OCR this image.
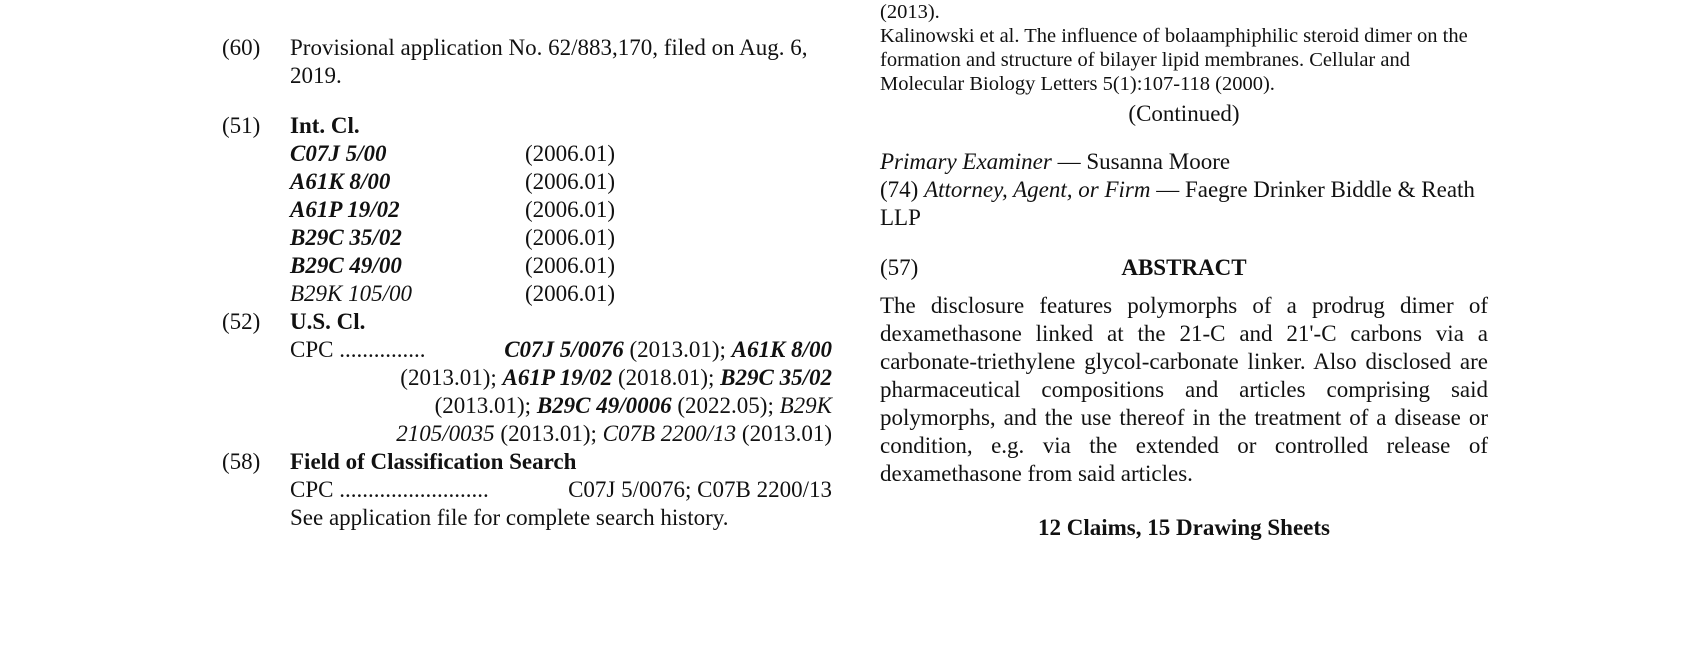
(60) Provisional application No. 62/883,170, filed on Aug. 6, 2019.
(51) Int. Cl.
C07J 5/00	(2006.01)
A61K 8/00	(2006.01)
A61P 19/02	(2006.01)
B29C 35/02	(2006.01)
B29C 49/00	(2006.01)
B29K 105/00	(2006.01)
(52) U.S. Cl.
CPC ...............	C07J 5/0076 (2013.01); A61K 8/00
(2013.01); A61P 19/02 (2018.01); B29C 35/02
(2013.01); B29C 49/0006 (2022.05); B29K
2105/0035 (2013.01); C07B 2200/13 (2013.01)
(58) Field of Classification Search
CPC ..........................	C07J 5/0076; C07B 2200/13
See application file for complete search history.
(2013).
Kalinowski et al. The influence of bolaamphiphilic steroid dimer on the formation and structure of bilayer lipid membranes. Cellular and Molecular Biology Letters 5(1):107-118 (2000).
(Continued)
Primary Examiner — Susanna Moore
(74) Attorney, Agent, or Firm — Faegre Drinker Biddle & Reath LLP
(57)	ABSTRACT
The disclosure features polymorphs of a prodrug dimer of dexamethasone linked at the 21-C and 21'-C carbons via a carbonate-triethylene glycol-carbonate linker. Also disclosed are pharmaceutical compositions and articles comprising said polymorphs, and the use thereof in the treatment of a disease or condition, e.g. via the extended or controlled release of dexamethasone from said articles.
12 Claims, 15 Drawing Sheets
